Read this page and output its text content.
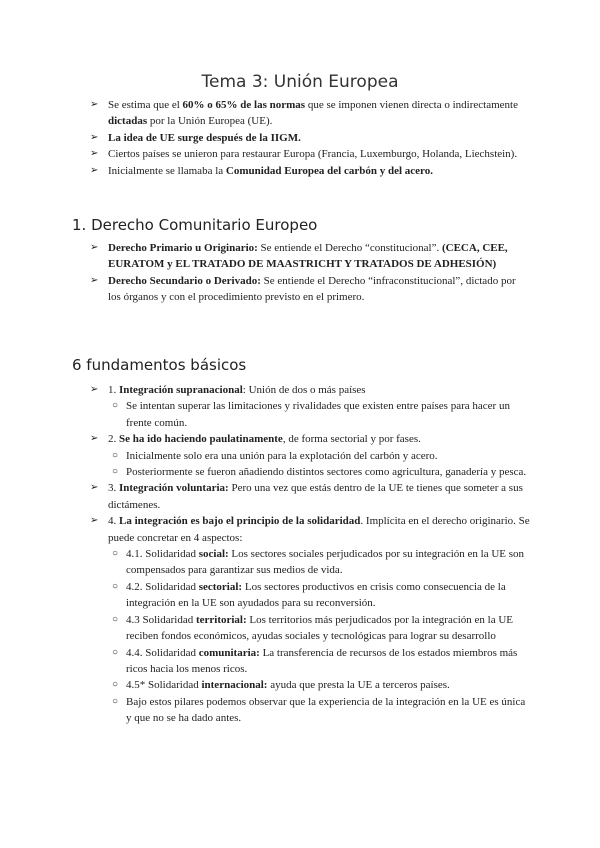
Tema 3: Unión Europea
➢ Se estima que el 60% o 65% de las normas que se imponen vienen directa o indirectamente dictadas por la Unión Europea (UE).
➢ La idea de UE surge después de la IIGM.
➢ Ciertos países se unieron para restaurar Europa (Francia, Luxemburgo, Holanda, Liechstein).
➢ Inicialmente se llamaba la Comunidad Europea del carbón y del acero.
1. Derecho Comunitario Europeo
➢ Derecho Primario u Originario: Se entiende el Derecho “constitucional”. (CECA, CEE, EURATOM y EL TRATADO DE MAASTRICHT Y TRATADOS DE ADHESIÓN)
➢ Derecho Secundario o Derivado: Se entiende el Derecho “infraconstitucional”, dictado por los órganos y con el procedimiento previsto en el primero.
6 fundamentos básicos
➢ 1. Integración supranacional: Unión de dos o más países
○ Se intentan superar las limitaciones y rivalidades que existen entre países para hacer un frente común.
➢ 2. Se ha ido haciendo paulatinamente, de forma sectorial y por fases.
○ Inicialmente solo era una unión para la explotación del carbón y acero.
○ Posteriormente se fueron añadiendo distintos sectores como agricultura, ganadería y pesca.
➢ 3. Integración voluntaria: Pero una vez que estás dentro de la UE te tienes que someter a sus dictámenes.
➢ 4. La integración es bajo el principio de la solidaridad. Implícita en el derecho originario. Se puede concretar en 4 aspectos:
○ 4.1. Solidaridad social: Los sectores sociales perjudicados por su integración en la UE son compensados para garantizar sus medios de vida.
○ 4.2. Solidaridad sectorial: Los sectores productivos en crisis como consecuencia de la integración en la UE son ayudados para su reconversión.
○ 4.3 Solidaridad territorial: Los territorios más perjudicados por la integración en la UE reciben fondos económicos, ayudas sociales y tecnológicas para lograr su desarrollo
○ 4.4. Solidaridad comunitaria: La transferencia de recursos de los estados miembros más ricos hacia los menos ricos.
○ 4.5* Solidaridad internacional: ayuda que presta la UE a terceros países.
○ Bajo estos pilares podemos observar que la experiencia de la integración en la UE es única y que no se ha dado antes.
